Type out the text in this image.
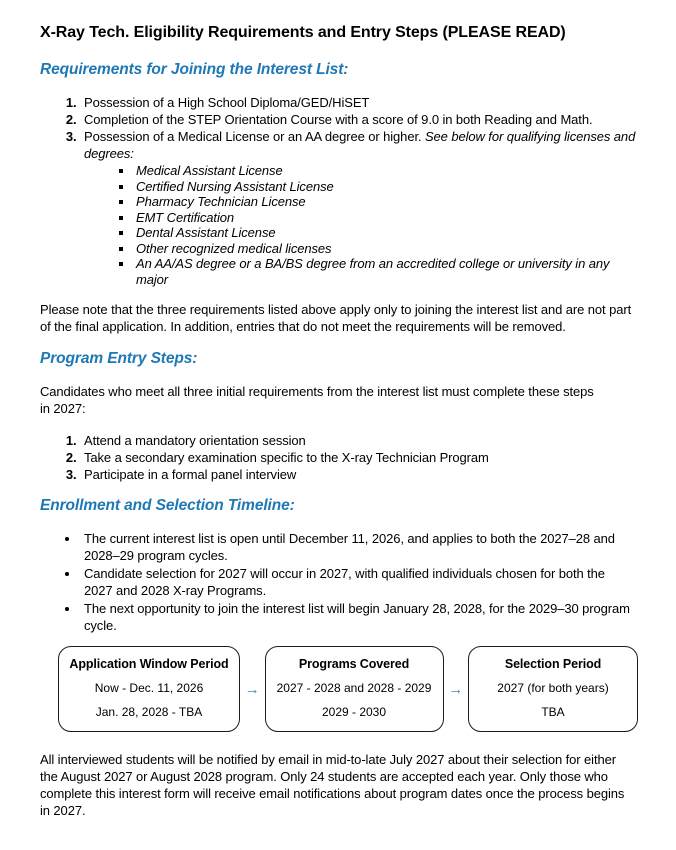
X-Ray Tech. Eligibility Requirements and Entry Steps (PLEASE READ)
Requirements for Joining the Interest List:
1. Possession of a High School Diploma/GED/HiSET
2. Completion of the STEP Orientation Course with a score of 9.0 in both Reading and Math.
3. Possession of a Medical License or an AA degree or higher. See below for qualifying licenses and degrees:
▪ Medical Assistant License
▪ Certified Nursing Assistant License
▪ Pharmacy Technician License
▪ EMT Certification
▪ Dental Assistant License
▪ Other recognized medical licenses
▪ An AA/AS degree or a BA/BS degree from an accredited college or university in any major

Please note that the three requirements listed above apply only to joining the interest list and are not part of the final application. In addition, entries that do not meet the requirements will be removed.

Program Entry Steps:

Candidates who meet all three initial requirements from the interest list must complete these steps in 2027:

1. Attend a mandatory orientation session
2. Take a secondary examination specific to the X-ray Technician Program
3. Participate in a formal panel interview
Enrollment and Selection Timeline:
• The current interest list is open until December 11, 2026, and applies to both the 2027–28 and 2028–29 program cycles.
• Candidate selection for 2027 will occur in 2027, with qualified individuals chosen for both the 2027 and 2028 X-ray Programs.
• The next opportunity to join the interest list will begin January 28, 2028, for the 2029–30 program cycle.
Application Window Period
Now - Dec. 11, 2026
Jan. 28, 2028 - TBA
→
Programs Covered
2027 - 2028 and 2028 - 2029
2029 - 2030
→
Selection Period
2027 (for both years)
TBA

All interviewed students will be notified by email in mid-to-late July 2027 about their selection for either the August 2027 or August 2028 program. Only 24 students are accepted each year. Only those who complete this interest form will receive email notifications about program dates once the process begins in 2027.
